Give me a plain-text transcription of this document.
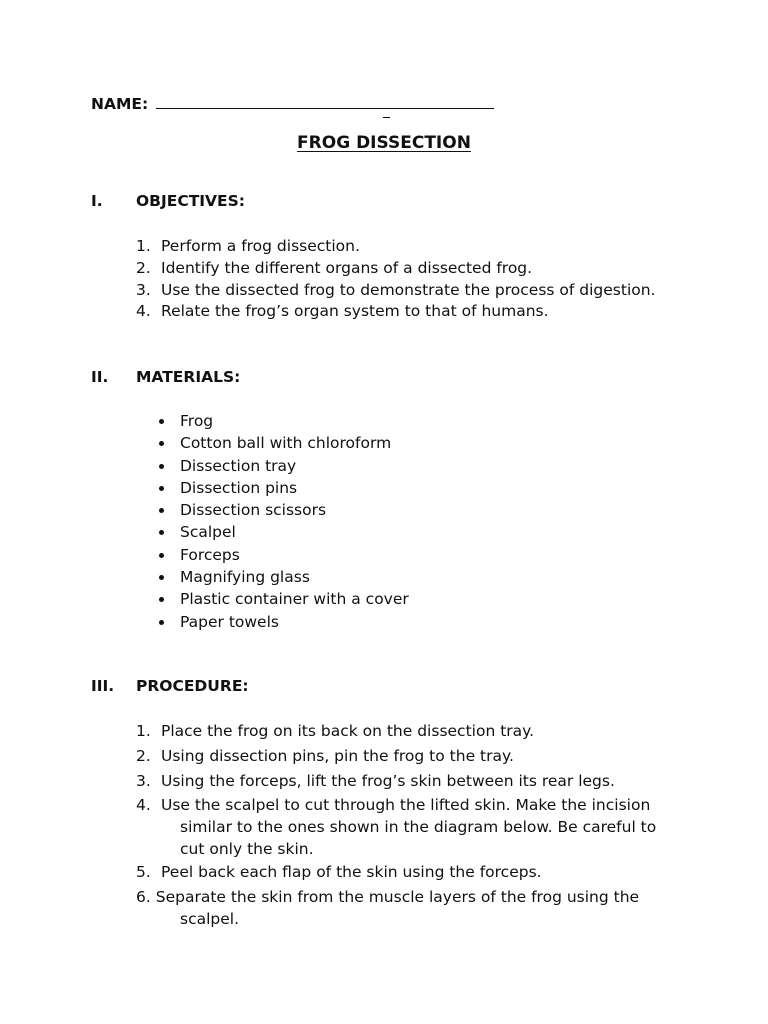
NAME:
FROG DISSECTION
I. OBJECTIVES:
1. Perform a frog dissection.
2. Identify the different organs of a dissected frog.
3. Use the dissected frog to demonstrate the process of digestion.
4. Relate the frog’s organ system to that of humans.
II. MATERIALS:
Frog
Cotton ball with chloroform
Dissection tray
Dissection pins
Dissection scissors
Scalpel
Forceps
Magnifying glass
Plastic container with a cover
Paper towels
III. PROCEDURE:
1. Place the frog on its back on the dissection tray.
2. Using dissection pins, pin the frog to the tray.
3. Using the forceps, lift the frog’s skin between its rear legs.
4. Use the scalpel to cut through the lifted skin. Make the incision
similar to the ones shown in the diagram below. Be careful to
cut only the skin.
5. Peel back each flap of the skin using the forceps.
6. Separate the skin from the muscle layers of the frog using the
scalpel.
